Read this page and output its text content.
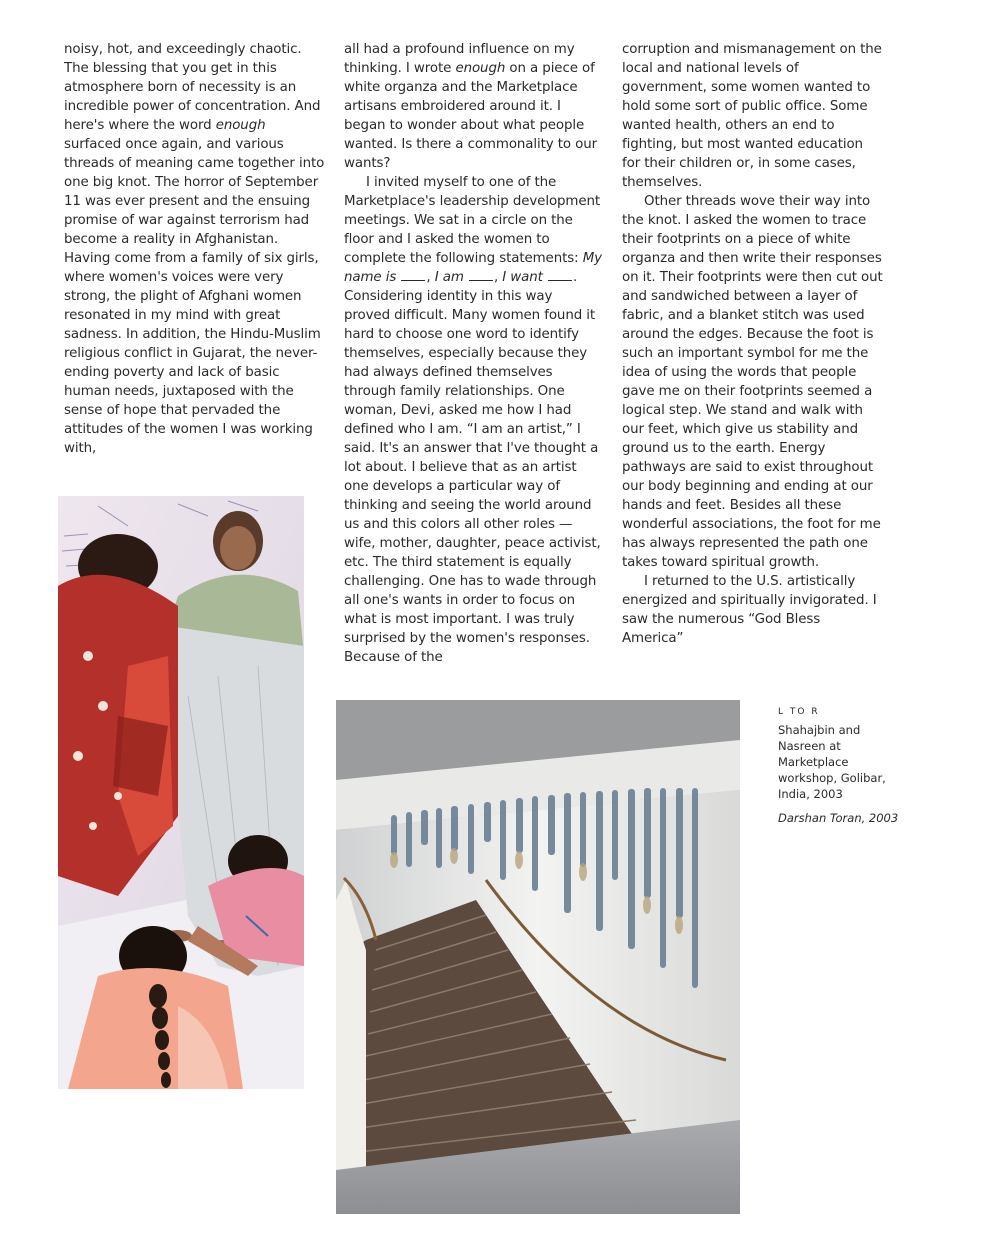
noisy, hot, and exceedingly chaotic. The blessing that you get in this atmosphere born of necessity is an incredible power of concentration. And here's where the word enough surfaced once again, and various threads of meaning came together into one big knot. The horror of September 11 was ever present and the ensuing promise of war against terrorism had become a reality in Afghanistan. Having come from a family of six girls, where women's voices were very strong, the plight of Afghani women resonated in my mind with great sadness. In addition, the Hindu-Muslim religious conflict in Gujarat, the never-ending poverty and lack of basic human needs, juxtaposed with the sense of hope that pervaded the attitudes of the women I was working with,

all had a profound influence on my thinking. I wrote enough on a piece of white organza and the Marketplace artisans embroidered around it. I began to wonder about what people wanted. Is there a commonality to our wants?

I invited myself to one of the Marketplace's leadership development meetings. We sat in a circle on the floor and I asked the women to complete the following statements: My name is , I am , I want . Considering identity in this way proved difficult. Many women found it hard to choose one word to identify themselves, especially because they had always defined themselves through family relationships. One woman, Devi, asked me how I had defined who I am. “I am an artist,” I said. It's an answer that I've thought a lot about. I believe that as an artist one develops a particular way of thinking and seeing the world around us and this colors all other roles — wife, mother, daughter, peace activist, etc. The third statement is equally challenging. One has to wade through all one's wants in order to focus on what is most important. I was truly surprised by the women's responses. Because of the

corruption and mismanagement on the local and national levels of government, some women wanted to hold some sort of public office. Some wanted health, others an end to fighting, but most wanted education for their children or, in some cases, themselves.

Other threads wove their way into the knot. I asked the women to trace their footprints on a piece of white organza and then write their responses on it. Their footprints were then cut out and sandwiched between a layer of fabric, and a blanket stitch was used around the edges. Because the foot is such an important symbol for me the idea of using the words that people gave me on their footprints seemed a logical step. We stand and walk with our feet, which give us stability and ground us to the earth. Energy pathways are said to exist throughout our body beginning and ending at our hands and feet. Besides all these wonderful associations, the foot for me has always represented the path one takes toward spiritual growth.

I returned to the U.S. artistically energized and spiritually invigorated. I saw the numerous “God Bless America”

L TO R
Shahajbin and Nasreen at Marketplace workshop, Golibar, India, 2003
Darshan Toran, 2003
